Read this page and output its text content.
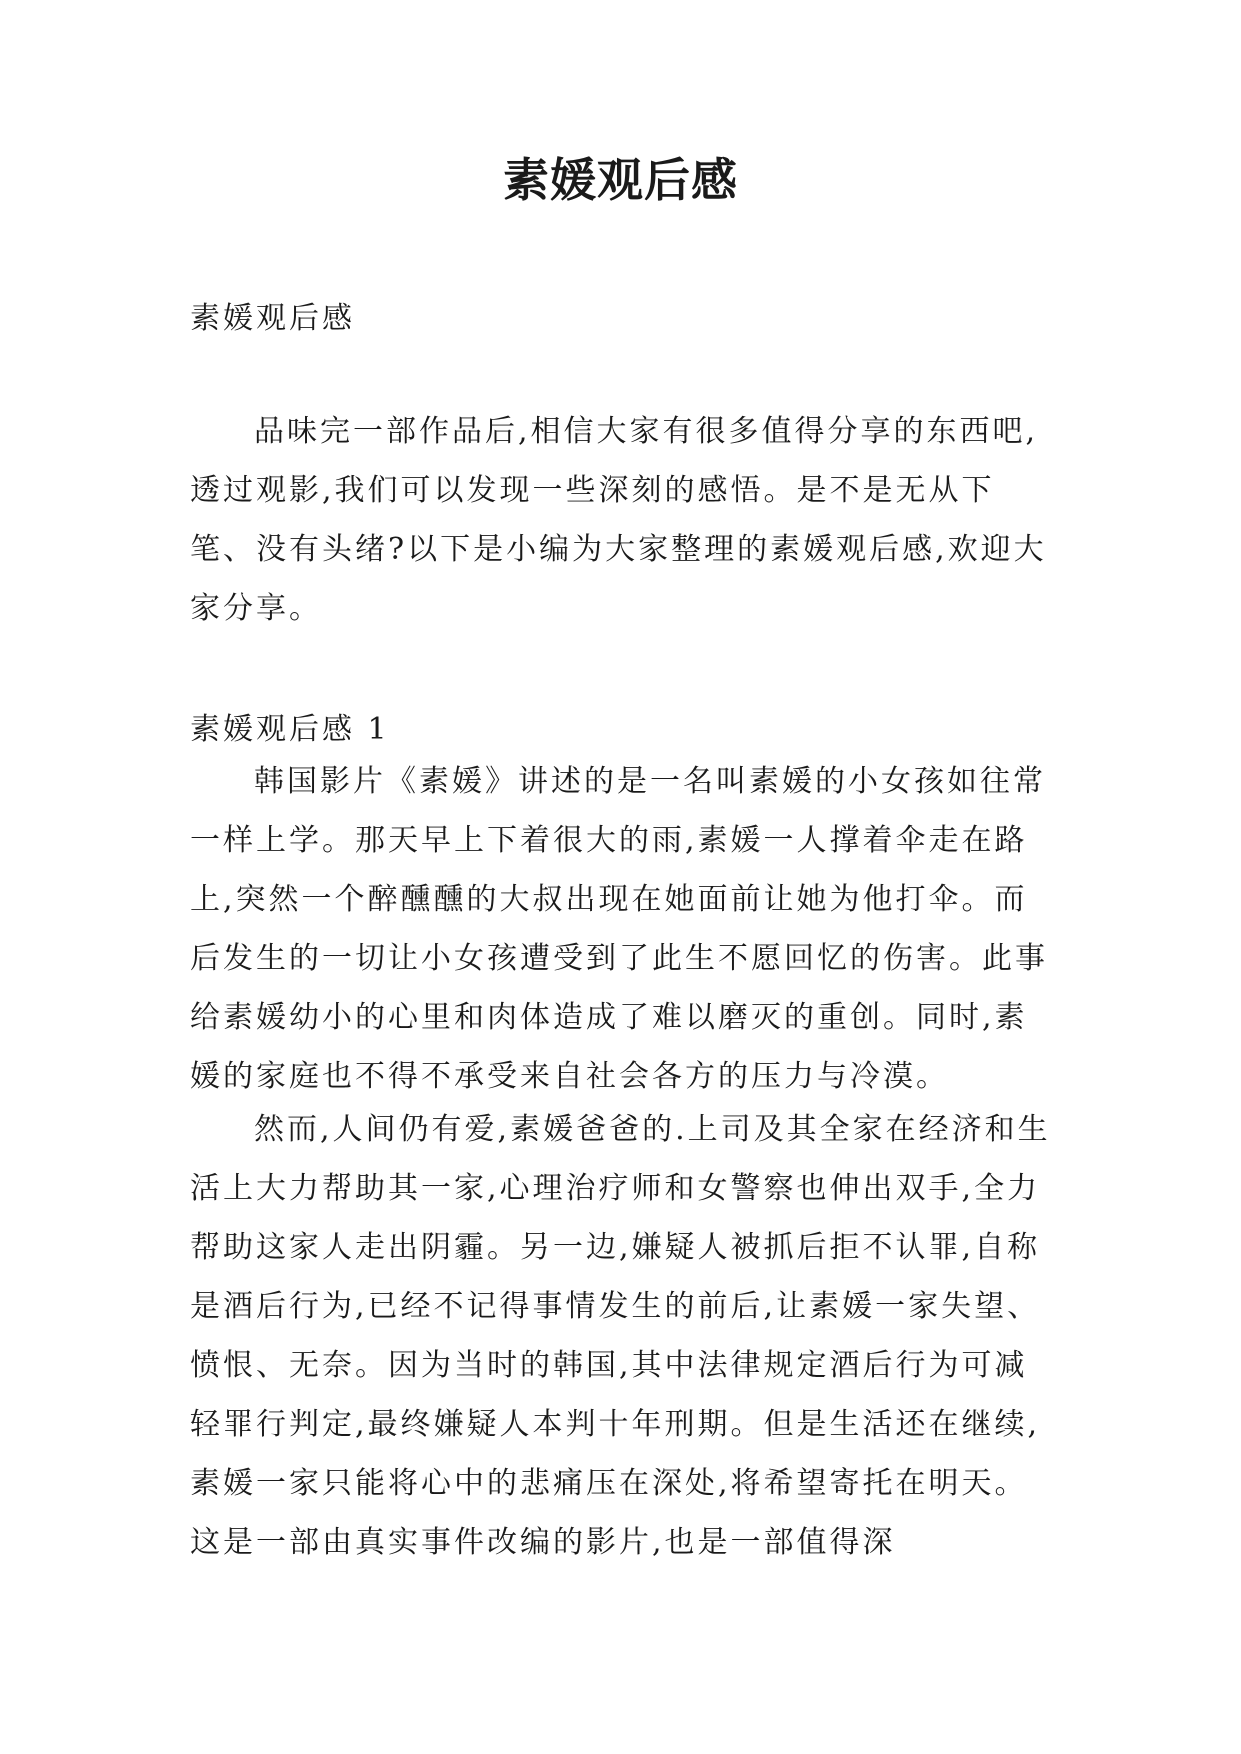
素媛观后感

素媛观后感

品味完一部作品后,相信大家有很多值得分享的东西吧,透过观影,我们可以发现一些深刻的感悟。是不是无从下笔、没有头绪?以下是小编为大家整理的素媛观后感,欢迎大家分享。

素媛观后感 1

韩国影片《素媛》讲述的是一名叫素媛的小女孩如往常一样上学。那天早上下着很大的雨,素媛一人撑着伞走在路上,突然一个醉醺醺的大叔出现在她面前让她为他打伞。而后发生的一切让小女孩遭受到了此生不愿回忆的伤害。此事给素媛幼小的心里和肉体造成了难以磨灭的重创。同时,素媛的家庭也不得不承受来自社会各方的压力与冷漠。

然而,人间仍有爱,素媛爸爸的.上司及其全家在经济和生活上大力帮助其一家,心理治疗师和女警察也伸出双手,全力帮助这家人走出阴霾。另一边,嫌疑人被抓后拒不认罪,自称是酒后行为,已经不记得事情发生的前后,让素媛一家失望、愤恨、无奈。因为当时的韩国,其中法律规定酒后行为可减轻罪行判定,最终嫌疑人本判十年刑期。但是生活还在继续,素媛一家只能将心中的悲痛压在深处,将希望寄托在明天。这是一部由真实事件改编的影片,也是一部值得深
